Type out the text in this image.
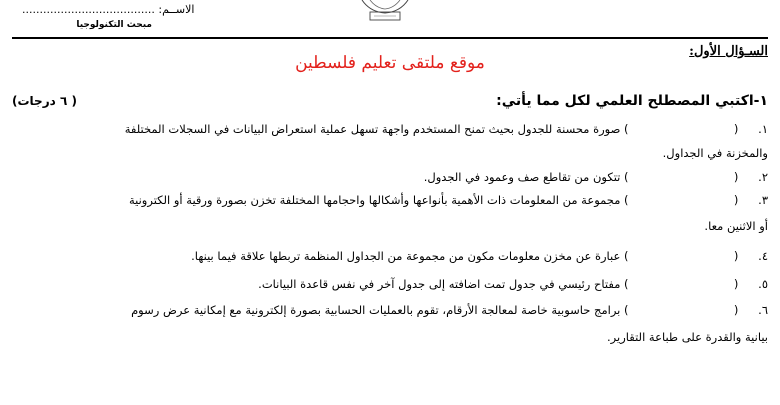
مبحث التكنولوجيا
الاســم: ......................................
السـؤال الأول:
موقع ملتقى تعليم فلسطين
١-اكتبي المصطلح العلمي لكل مما يأتي:
( ٦ درجات)
١. (  ) صورة محسنة للجدول بحيث تمنح المستخدم واجهة تسهل عملية استعراض البيانات في السجلات المختلفة
والمخزنة في الجداول.
٢. (  ) تتكون من تقاطع صف وعمود في الجدول.
٣. (  ) مجموعة من المعلومات ذات الأهمية بأنواعها وأشكالها واحجامها المختلفة تخزن بصورة ورقية أو الكترونية
أو الاثنين معا.
٤. (  ) عبارة عن مخزن معلومات مكون من مجموعة من الجداول المنظمة تربطها علاقة فيما بينها.
٥. (  ) مفتاح رئيسي في جدول تمت اضافته إلى جدول آخر في نفس قاعدة البيانات.
٦. (  ) برامج حاسوبية خاصة لمعالجة الأرقام، تقوم بالعمليات الحسابية بصورة إلكترونية مع إمكانية عرض رسوم
بيانية والقدرة على طباعة التقارير.
